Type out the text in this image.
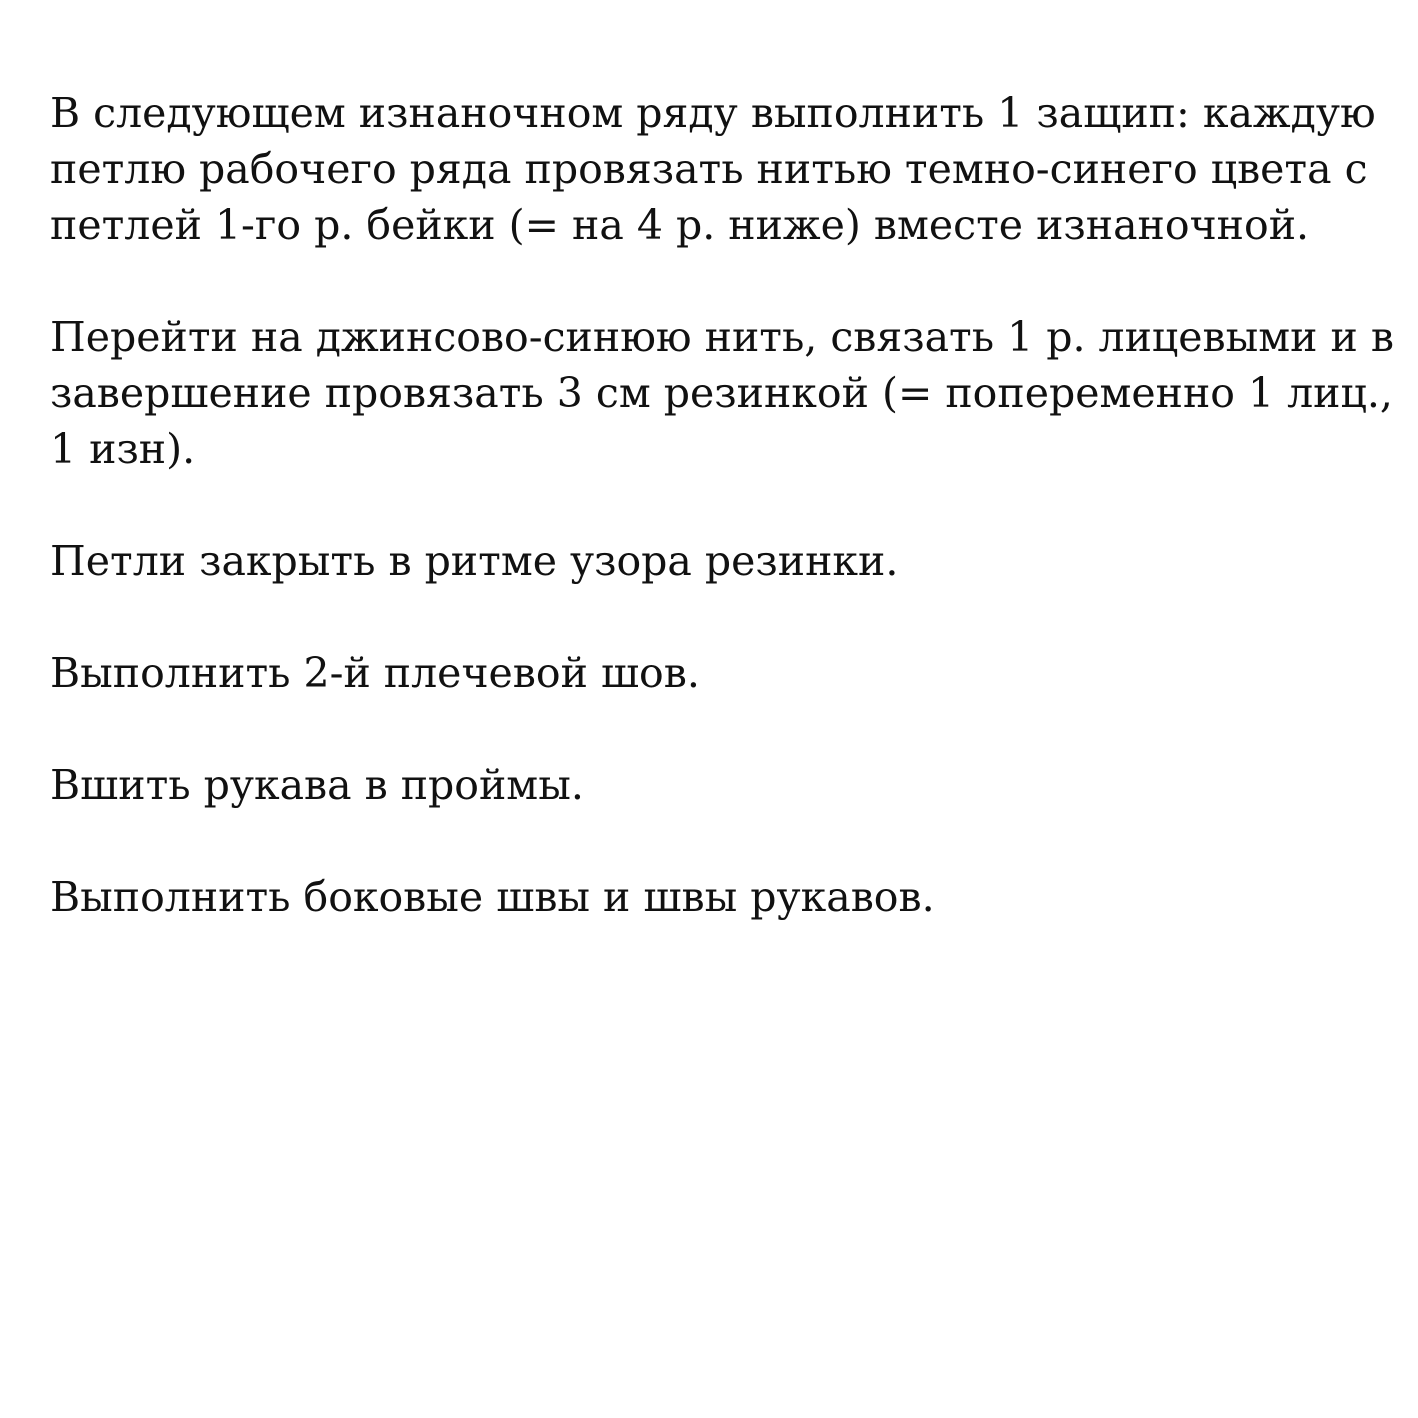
В следующем изнаночном ряду выполнить 1 защип: каждую
петлю рабочего ряда провязать нитью темно-синего цвета с
петлей 1-го р. бейки (= на 4 р. ниже) вместе изнаночной.

Перейти на джинсово-синюю нить, связать 1 р. лицевыми и в
завершение провязать 3 см резинкой (= попеременно 1 лиц.,
1 изн).

Петли закрыть в ритме узора резинки.

Выполнить 2-й плечевой шов.

Вшить рукава в проймы.

Выполнить боковые швы и швы рукавов.
